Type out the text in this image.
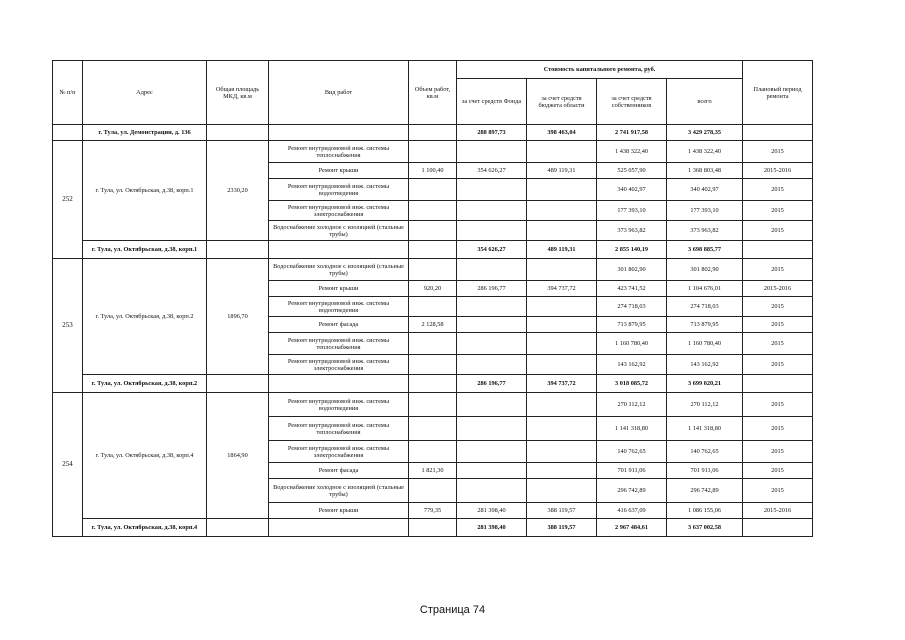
№ п/п	Адрес	Общая площадь МКД, кв.м	Вид работ	Объем работ, кв.м	Стоимость капитального ремонта, руб.				Плановый период ремонта
					за счет средств Фонда	за счет средств бюджета области	за счет средств собственников	всего	
	г. Тула, ул. Демонстрации, д. 136				288 897,73	398 463,04	2 741 917,58	3 429 278,35	
252	г. Тула, ул. Октябрьская, д.38, корп.1	2330,20	Ремонт внутридомовой инж. системы теплоснабжения				1 438 322,40	1 438 322,40	2015
			Ремонт крыши	1 100,40	354 626,27	489 119,31	525 057,90	1 368 803,48	2015-2016
			Ремонт внутридомовой инж. системы водоотведения				340 402,97	340 402,97	2015
			Ремонт внутридомовой инж. системы электроснабжения				177 393,10	177 393,10	2015
			Водоснабжение холодное с изоляцией (стальные трубы)				373 963,82	373 963,82	2015
	г. Тула, ул. Октябрьская, д.38, корп.1				354 626,27	489 119,31	2 855 140,19	3 698 885,77	
253	г. Тула, ул. Октябрьская, д.38, корп.2	1896,70	Водоснабжение холодное с изоляцией (стальные трубы)				301 802,90	301 802,90	2015
			Ремонт крыши	920,20	286 196,77	394 737,72	423 741,52	1 104 676,01	2015-2016
			Ремонт внутридомовой инж. системы водоотведения				274 718,03	274 718,03	2015
			Ремонт фасада	2 128,58			713 879,95	713 879,95	2015
			Ремонт внутридомовой инж. системы теплоснабжения				1 160 780,40	1 160 780,40	2015
			Ремонт внутридомовой инж. системы электроснабжения				143 162,92	143 162,92	2015
	г. Тула, ул. Октябрьская, д.38, корп.2				286 196,77	394 737,72	3 018 085,72	3 699 020,21	
254	г. Тула, ул. Октябрьская, д.38, корп.4	1864,90	Ремонт внутридомовой инж. системы водоотведения				270 112,12	270 112,12	2015
			Ремонт внутридомовой инж. системы теплоснабжения				1 141 318,80	1 141 318,80	2015
			Ремонт внутридомовой инж. системы электроснабжения				140 762,65	140 762,65	2015
			Ремонт фасада	1 821,30			701 911,06	701 911,06	2015
			Водоснабжение холодное с изоляцией (стальные трубы)				296 742,89	296 742,89	2015
			Ремонт крыши	779,35	281 398,40	388 119,57	416 637,09	1 086 155,06	2015-2016
	г. Тула, ул. Октябрьская, д.38, корп.4				281 398,40	388 119,57	2 967 484,61	3 637 002,58	
Страница 74
